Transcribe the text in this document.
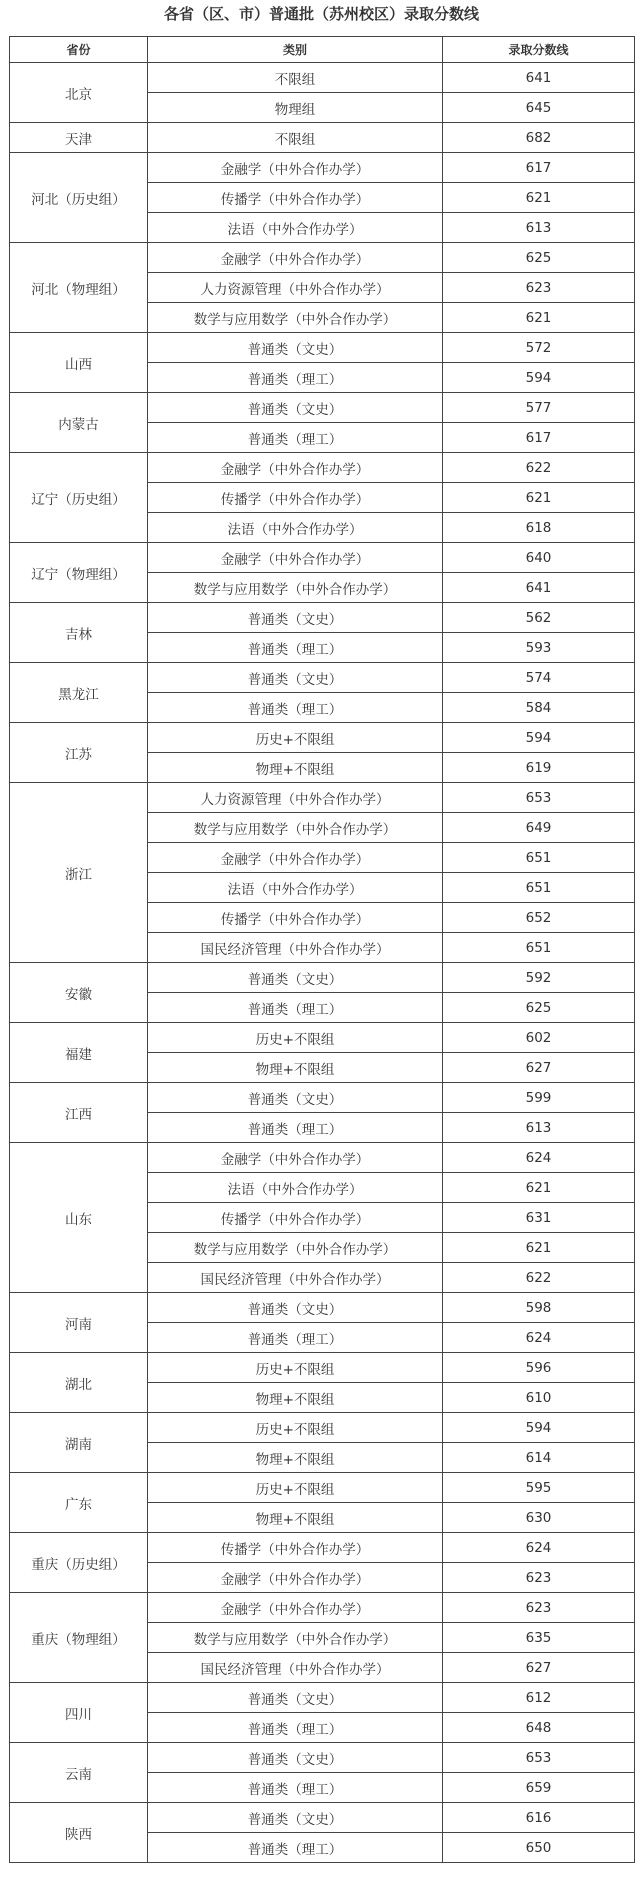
各省（区、市）普通批（苏州校区）录取分数线
省份	类别	录取分数线
北京	不限组	641
	物理组	645
天津	不限组	682
河北（历史组）	金融学（中外合作办学）	617
	传播学（中外合作办学）	621
	法语（中外合作办学）	613
河北（物理组）	金融学（中外合作办学）	625
	人力资源管理（中外合作办学）	623
	数学与应用数学（中外合作办学）	621
山西	普通类（文史）	572
	普通类（理工）	594
内蒙古	普通类（文史）	577
	普通类（理工）	617
辽宁（历史组）	金融学（中外合作办学）	622
	传播学（中外合作办学）	621
	法语（中外合作办学）	618
辽宁（物理组）	金融学（中外合作办学）	640
	数学与应用数学（中外合作办学）	641
吉林	普通类（文史）	562
	普通类（理工）	593
黑龙江	普通类（文史）	574
	普通类（理工）	584
江苏	历史+不限组	594
	物理+不限组	619
浙江	人力资源管理（中外合作办学）	653
	数学与应用数学（中外合作办学）	649
	金融学（中外合作办学）	651
	法语（中外合作办学）	651
	传播学（中外合作办学）	652
	国民经济管理（中外合作办学）	651
安徽	普通类（文史）	592
	普通类（理工）	625
福建	历史+不限组	602
	物理+不限组	627
江西	普通类（文史）	599
	普通类（理工）	613
山东	金融学（中外合作办学）	624
	法语（中外合作办学）	621
	传播学（中外合作办学）	631
	数学与应用数学（中外合作办学）	621
	国民经济管理（中外合作办学）	622
河南	普通类（文史）	598
	普通类（理工）	624
湖北	历史+不限组	596
	物理+不限组	610
湖南	历史+不限组	594
	物理+不限组	614
广东	历史+不限组	595
	物理+不限组	630
重庆（历史组）	传播学（中外合作办学）	624
	金融学（中外合作办学）	623
重庆（物理组）	金融学（中外合作办学）	623
	数学与应用数学（中外合作办学）	635
	国民经济管理（中外合作办学）	627
四川	普通类（文史）	612
	普通类（理工）	648
云南	普通类（文史）	653
	普通类（理工）	659
陕西	普通类（文史）	616
	普通类（理工）	650
